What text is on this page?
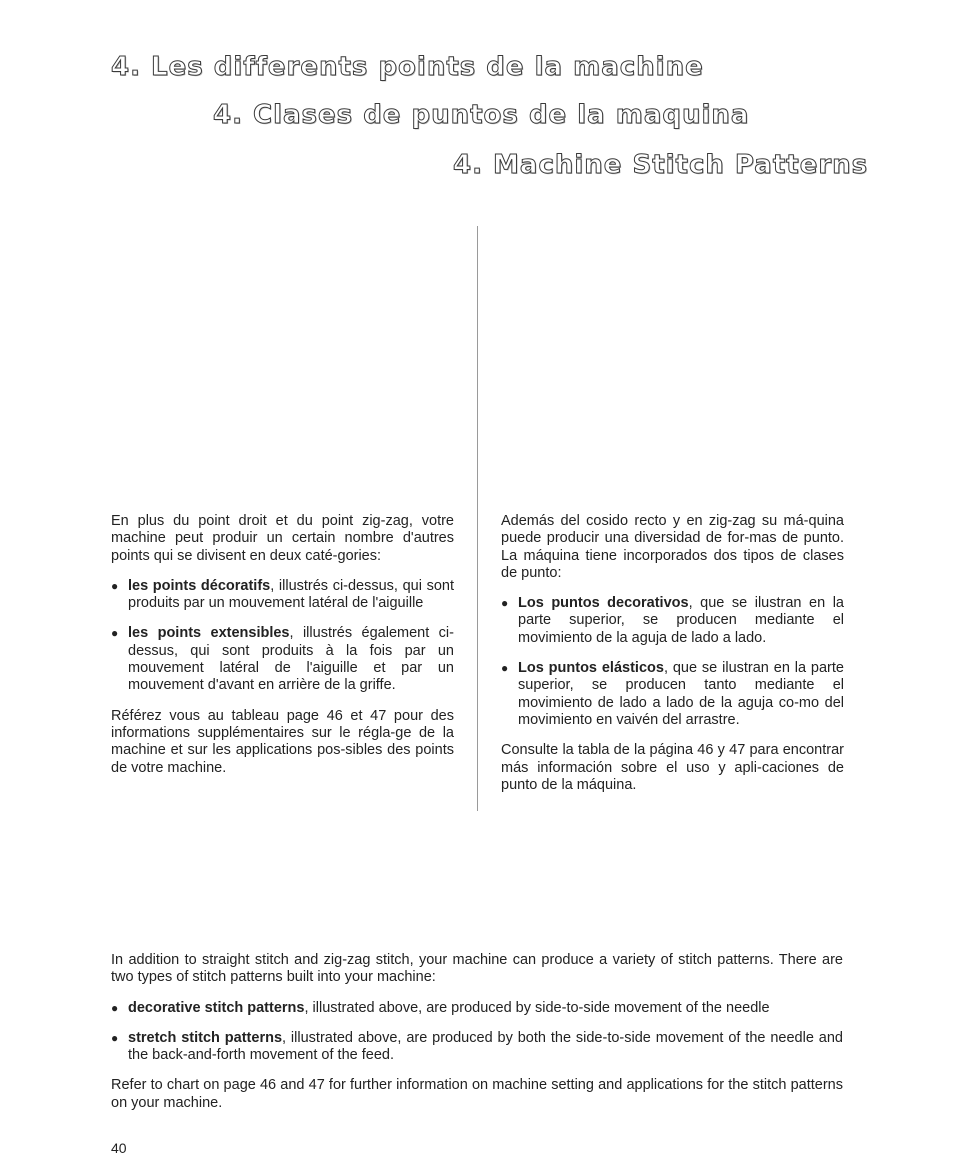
4. Les differents points de la machine
4. Clases de puntos de la maquina
4. Machine Stitch Patterns

En plus du point droit et du point zig-zag, votre machine peut produir un certain nombre d'autres points qui se divisent en deux caté-gories:

● les points décoratifs, illustrés ci-dessus, qui sont produits par un mouvement latéral de l'aiguille
● les points extensibles, illustrés également ci-dessus, qui sont produits à la fois par un mouvement latéral de l'aiguille et par un mouvement d'avant en arrière de la griffe.

Référez vous au tableau page 46 et 47 pour des informations supplémentaires sur le régla-ge de la machine et sur les applications pos-sibles des points de votre machine.

Además del cosido recto y en zig-zag su má-quina puede producir una diversidad de for-mas de punto. La máquina tiene incorporados dos tipos de clases de punto:

● Los puntos decorativos, que se ilustran en la parte superior, se producen mediante el movimiento de la aguja de lado a lado.
● Los puntos elásticos, que se ilustran en la parte superior, se producen tanto mediante el movimiento de lado a lado de la aguja co-mo del movimiento en vaivén del arrastre.

Consulte la tabla de la página 46 y 47 para encontrar más información sobre el uso y apli-caciones de punto de la máquina.

In addition to straight stitch and zig-zag stitch, your machine can produce a variety of stitch patterns. There are two types of stitch patterns built into your machine:

● decorative stitch patterns, illustrated above, are produced by side-to-side movement of the needle
● stretch stitch patterns, illustrated above, are produced by both the side-to-side movement of the needle and the back-and-forth movement of the feed.

Refer to chart on page 46 and 47 for further information on machine setting and applications for the stitch patterns on your machine.

40
